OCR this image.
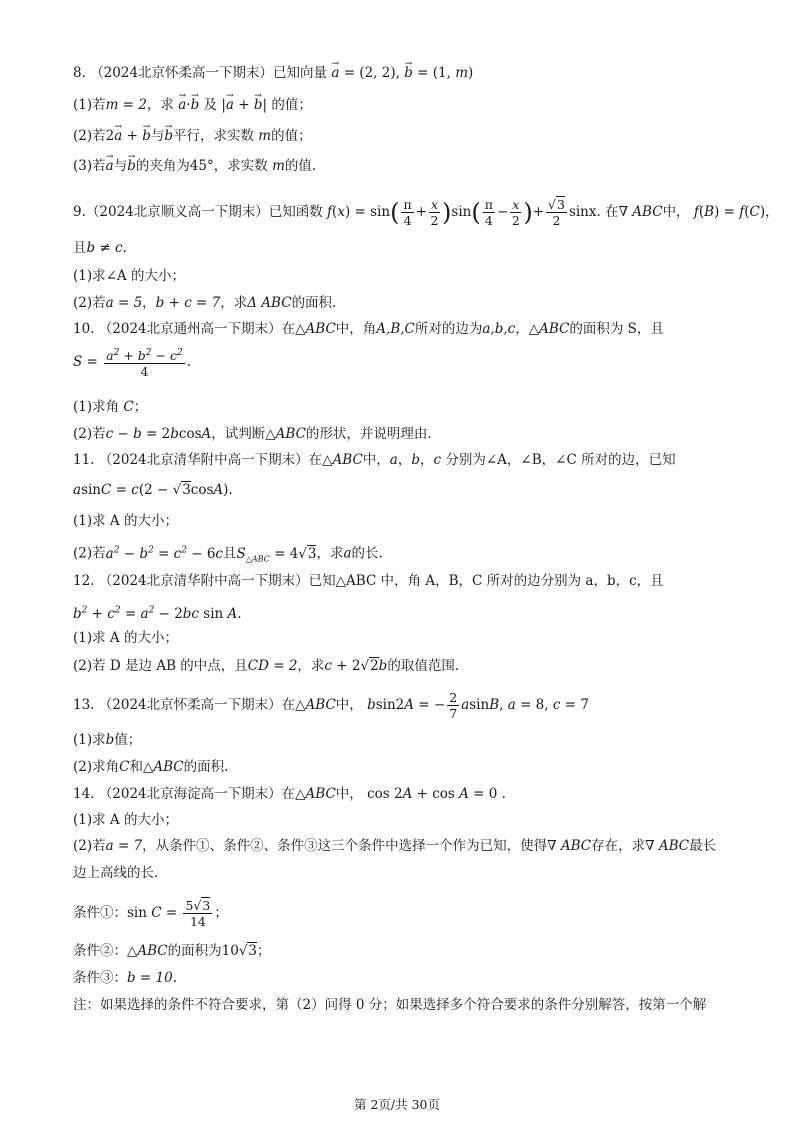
8. （2024北京怀柔高一下期末）已知向量 → a = (2, 2), → b = (1, m)
(1)若m = 2，求 → a·→ b 及 |→ a + → b| 的值；
(2)若2→ a + → b与→ b平行，求实数 m的值；
(3)若→ a与→ b的夹角为45°，求实数 m的值.
9.（2024北京顺义高一下期末）已知函数 $f(x) = \sin( \frac{\pi}{4} + \frac{x}{2} )\sin( \frac{\pi}{4} - \frac{x}{2}$ )+ $\frac{√3}{2} \sin x$. 在∇ ABC中， f(B) = f(C)，
且b ≠ c.
(1)求∠A 的大小；
(2)若a = 5，b + c = 7，求Δ ABC的面积.
10. （2024北京通州高一下期末）在△ABC中，角A,B,C所对的边为a,b,c，△ABC的面积为 S，且
$S = \frac{a^2 + b^2 - c^2}{4}$ .
(1)求角 C；
(2)若c − b = 2bcosA，试判断△ABC的形状，并说明理由.
11. （2024北京清华附中高一下期末）在△ABC中，a，b，c 分别为∠A，∠B，∠C 所对的边，已知
asinC = c(2 − √3cosA).
(1)求 A 的大小；
(2)若$a^2 - b^2 = c^2 - 6c$且$S_{\triangle ABC} = 4√3$，求a的长.
12. （2024北京清华附中高一下期末）已知△ABC 中，角 A，B，C 所对的边分别为 a，b，c，且
$b^2 + c^2 = a^2 - 2bc$ sin A.
(1)求 A 的大小；
(2)若 D 是边 AB 的中点，且CD = 2，求c + 2√2b的取值范围.
13. （2024北京怀柔高一下期末）在△ABC中， bsin2A = − $\frac{2}{7} asinB$, a = 8, c = 7
(1)求b值；
(2)求角C和△ABC的面积.
14. （2024北京海淀高一下期末）在△ABC中， cos 2A + cos A = 0 .
(1)求 A 的大小；
(2)若a = 7，从条件①、条件②、条件③这三个条件中选择一个作为已知，使得∇ ABC存在，求∇ ABC最长
边上高线的长.
条件①：$\sin C = \frac{5√3}{14}$ ；
条件②：△ABC的面积为10√3；
条件③：b = 10.
注：如果选择的条件不符合要求，第（2）问得 0 分；如果选择多个符合要求的条件分别解答，按第一个解
第 2页/共 30页
